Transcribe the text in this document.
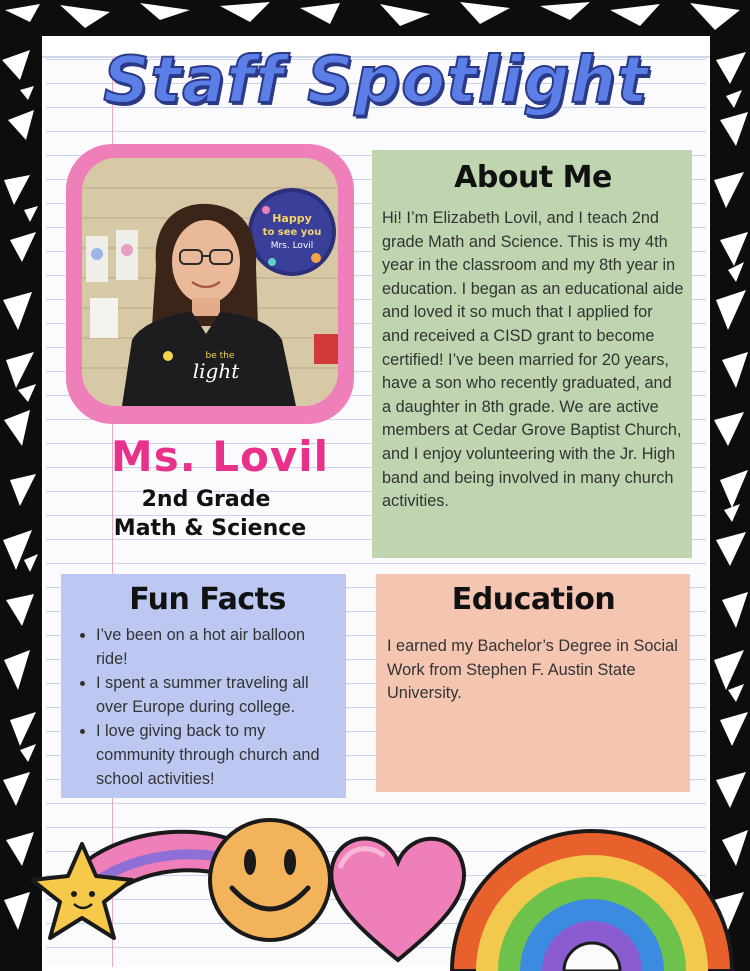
Staff Spotlight
Happy
to see you
Mrs. Lovil
be the
light
Ms. Lovil
2nd Grade
Math & Science
About Me

Hi! I’m Elizabeth Lovil, and I teach 2nd grade Math and Science. This is my 4th year in the classroom and my 8th year in education. I began as an educational aide and loved it so much that I applied for and received a CISD grant to become certified! I’ve been married for 20 years, have a son who recently graduated, and a daughter in 8th grade. We are active members at Cedar Grove Baptist Church, and I enjoy volunteering with the Jr. High band and being involved in many church activities.

Fun Facts
• I’ve been on a hot air balloon ride!
• I spent a summer traveling all over Europe during college.
• I love giving back to my community through church and school activities!
Education

I earned my Bachelor’s Degree in Social Work from Stephen F. Austin State University.
